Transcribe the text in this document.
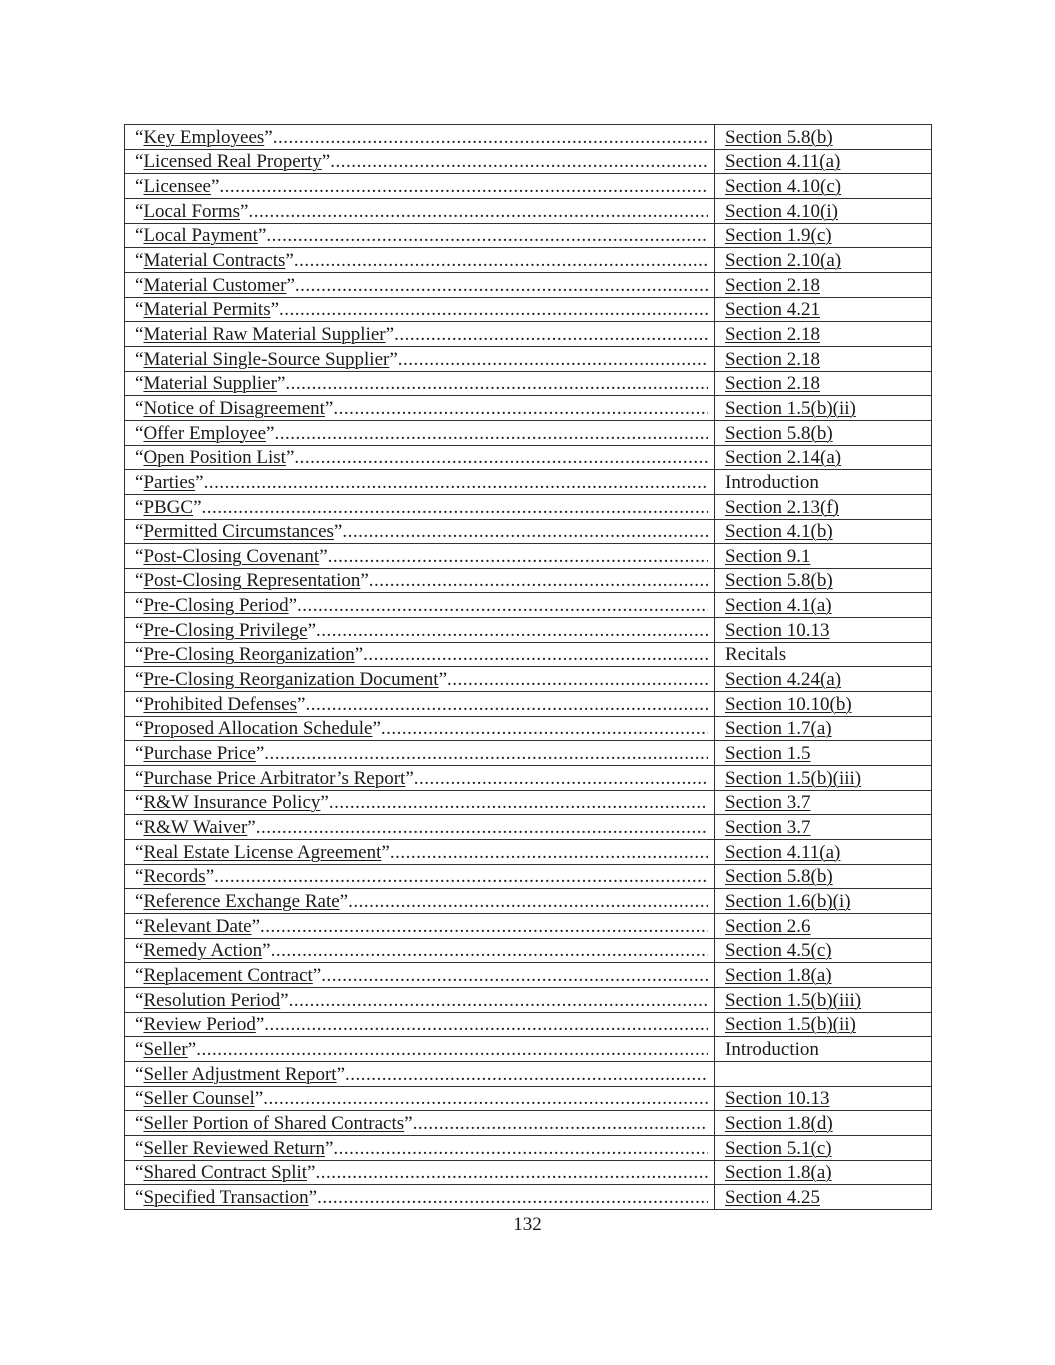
“Key Employees”
.....	Section 5.8(b)

“Licensed Real Property”
.....	Section 4.11(a)

“Licensee”
.....	Section 4.10(c)

“Local Forms”
.....	Section 4.10(i)

“Local Payment”
.....	Section 1.9(c)

“Material Contracts”
.....	Section 2.10(a)

“Material Customer”
.....	Section 2.18

“Material Permits”
.....	Section 4.21

“Material Raw Material Supplier”
.....	Section 2.18

“Material Single-Source Supplier”
.....	Section 2.18

“Material Supplier”
.....	Section 2.18

“Notice of Disagreement”
.....	Section 1.5(b)(ii)

“Offer Employee”
.....	Section 5.8(b)

“Open Position List”
.....	Section 2.14(a)

“Parties”
.....	Introduction

“PBGC”
.....	Section 2.13(f)

“Permitted Circumstances”
.....	Section 4.1(b)

“Post-Closing Covenant”
.....	Section 9.1

“Post-Closing Representation”
.....	Section 5.8(b)

“Pre-Closing Period”
.....	Section 4.1(a)

“Pre-Closing Privilege”
.....	Section 10.13

“Pre-Closing Reorganization”
.....	Recitals

“Pre-Closing Reorganization Document”
.....	Section 4.24(a)

“Prohibited Defenses”
.....	Section 10.10(b)

“Proposed Allocation Schedule”
.....	Section 1.7(a)

“Purchase Price”
.....	Section 1.5

“Purchase Price Arbitrator’s Report”
.....	Section 1.5(b)(iii)

“R&W Insurance Policy”
.....	Section 3.7

“R&W Waiver”
.....	Section 3.7

“Real Estate License Agreement”
.....	Section 4.11(a)

“Records”
.....	Section 5.8(b)

“Reference Exchange Rate”
.....	Section 1.6(b)(i)

“Relevant Date”
.....	Section 2.6

“Remedy Action”
.....	Section 4.5(c)

“Replacement Contract”
.....	Section 1.8(a)

“Resolution Period”
.....	Section 1.5(b)(iii)

“Review Period”
.....	Section 1.5(b)(ii)

“Seller”
.....	Introduction

“Seller Adjustment Report”
.....

“Seller Counsel”
.....	Section 10.13

“Seller Portion of Shared Contracts”
.....	Section 1.8(d)

“Seller Reviewed Return”
.....	Section 5.1(c)

“Shared Contract Split”
.....	Section 1.8(a)

“Specified Transaction”
.....	Section 4.25
132
